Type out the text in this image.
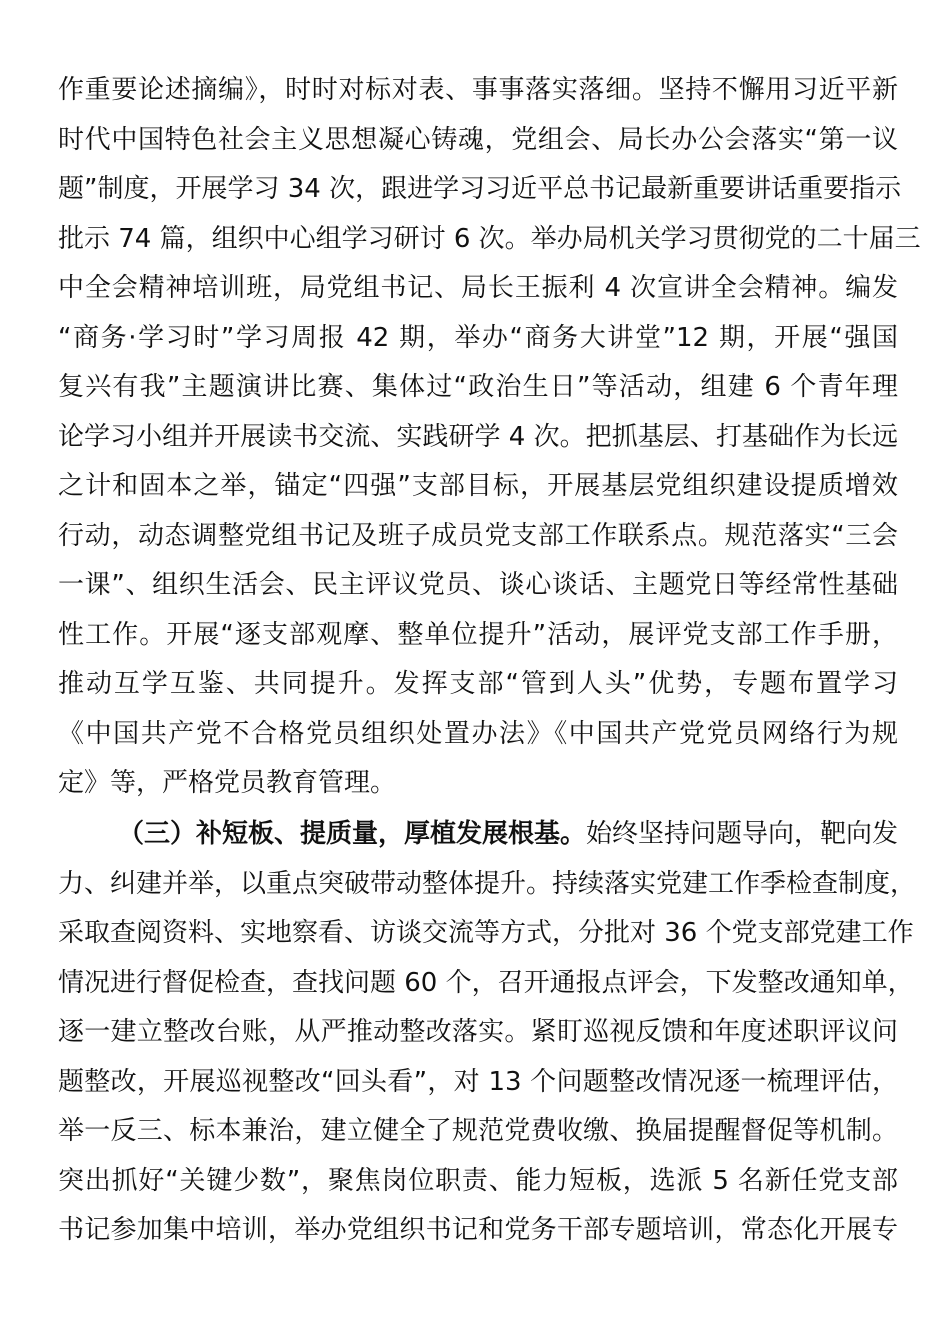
作重要论述摘编》，时时对标对表、事事落实落细。坚持不懈用习近平新
时代中国特色社会主义思想凝心铸魂，党组会、局长办公会落实“第一议
题”制度，开展学习 34 次，跟进学习习近平总书记最新重要讲话重要指示
批示 74 篇，组织中心组学习研讨 6 次。举办局机关学习贯彻党的二十届三
中全会精神培训班，局党组书记、局长王振利 4 次宣讲全会精神。编发
“商务·学习时”学习周报 42 期，举办“商务大讲堂”12 期，开展“强国
复兴有我”主题演讲比赛、集体过“政治生日”等活动，组建 6 个青年理
论学习小组并开展读书交流、实践研学 4 次。把抓基层、打基础作为长远
之计和固本之举，锚定“四强”支部目标，开展基层党组织建设提质增效
行动，动态调整党组书记及班子成员党支部工作联系点。规范落实“三会
一课”、组织生活会、民主评议党员、谈心谈话、主题党日等经常性基础
性工作。开展“逐支部观摩、整单位提升”活动，展评党支部工作手册，
推动互学互鉴、共同提升。发挥支部“管到人头”优势，专题布置学习
《中国共产党不合格党员组织处置办法》《中国共产党党员网络行为规
定》等，严格党员教育管理。
（三）补短板、提质量，厚植发展根基。始终坚持问题导向，靶向发
力、纠建并举，以重点突破带动整体提升。持续落实党建工作季检查制度，
采取查阅资料、实地察看、访谈交流等方式，分批对 36 个党支部党建工作
情况进行督促检查，查找问题 60 个，召开通报点评会，下发整改通知单，
逐一建立整改台账，从严推动整改落实。紧盯巡视反馈和年度述职评议问
题整改，开展巡视整改“回头看”，对 13 个问题整改情况逐一梳理评估，
举一反三、标本兼治，建立健全了规范党费收缴、换届提醒督促等机制。
突出抓好“关键少数”，聚焦岗位职责、能力短板，选派 5 名新任党支部
书记参加集中培训，举办党组织书记和党务干部专题培训，常态化开展专
